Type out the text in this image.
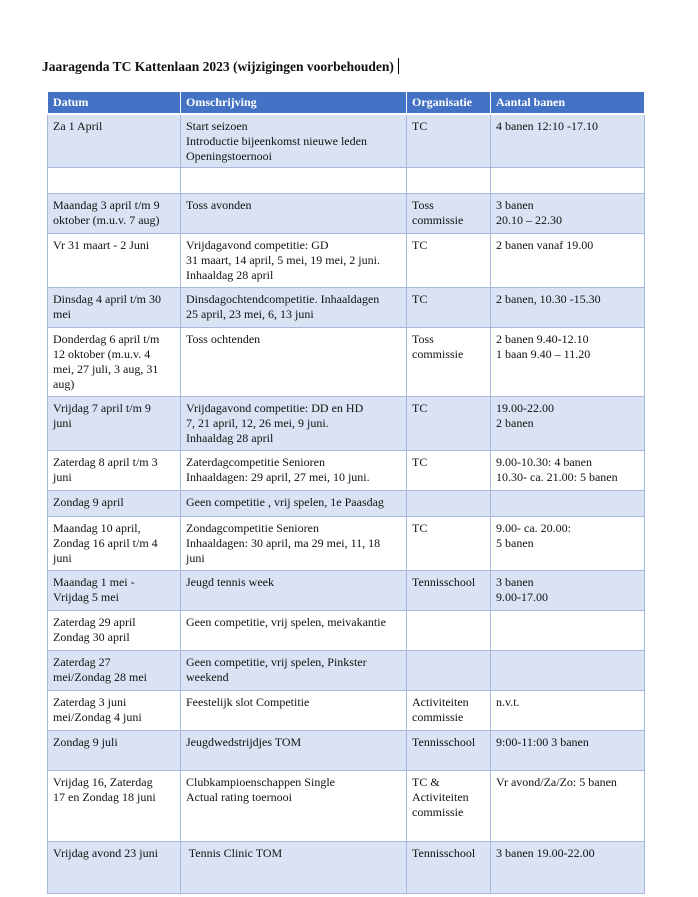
Jaaragenda TC Kattenlaan 2023 (wijzigingen voorbehouden)
Datum	Omschrijving	Organisatie	Aantal banen

Za 1 April	Start seizoen
Introductie bijeenkomst nieuwe leden
Openingstoernooi	TC	4 banen 12:10 -17.10

Maandag 3 april t/m 9
oktober (m.u.v. 7 aug)	Toss avonden	Toss
commissie	3 banen
20.10 – 22.30

Vr 31 maart - 2 Juni	Vrijdagavond competitie: GD
31 maart, 14 april, 5 mei, 19 mei, 2 juni.
Inhaaldag 28 april	TC	2 banen vanaf 19.00

Dinsdag 4 april t/m 30
mei	Dinsdagochtendcompetitie. Inhaaldagen
25 april, 23 mei, 6, 13 juni	TC	2 banen, 10.30 -15.30

Donderdag 6 april t/m
12 oktober (m.u.v. 4
mei, 27 juli, 3 aug, 31
aug)	Toss ochtenden	Toss
commissie	2 banen 9.40-12.10
1 baan 9.40 – 11.20

Vrijdag 7 april t/m 9
juni	Vrijdagavond competitie: DD en HD
7, 21 april, 12, 26 mei, 9 juni.
Inhaaldag 28 april	TC	19.00-22.00
2 banen

Zaterdag 8 april t/m 3
juni	Zaterdagcompetitie Senioren
Inhaaldagen: 29 april, 27 mei, 10 juni.	TC	9.00-10.30: 4 banen
10.30- ca. 21.00: 5 banen

Zondag 9 april	Geen competitie , vrij spelen, 1e Paasdag		

Maandag 10 april,
Zondag 16 april t/m 4
juni	Zondagcompetitie Senioren
Inhaaldagen: 30 april, ma 29 mei, 11, 18
juni	TC	9.00- ca. 20.00:
5 banen

Maandag 1 mei -
Vrijdag 5 mei	Jeugd tennis week	Tennisschool	3 banen
9.00-17.00

Zaterdag 29 april
Zondag 30 april	Geen competitie, vrij spelen, meivakantie		

Zaterdag 27
mei/Zondag 28 mei	Geen competitie, vrij spelen, Pinkster
weekend		

Zaterdag 3 juni
mei/Zondag 4 juni	Feestelijk slot Competitie	Activiteiten
commissie	n.v.t.

Zondag 9 juli	Jeugdwedstrijdjes TOM	Tennisschool	9:00-11:00 3 banen

Vrijdag 16, Zaterdag
17 en Zondag 18 juni	Clubkampioenschappen Single
Actual rating toernooi	TC &
Activiteiten
commissie	Vr avond/Za/Zo: 5 banen

Vrijdag avond 23 juni	Tennis Clinic TOM	Tennisschool	3 banen 19.00-22.00
